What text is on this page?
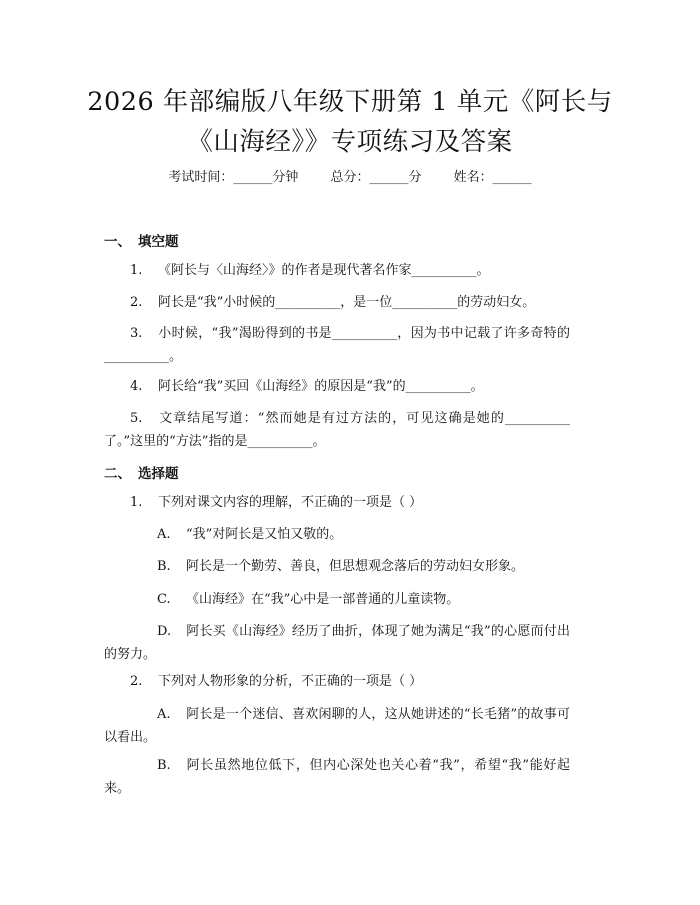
2026 年部编版八年级下册第 1 单元《阿长与
《山海经》》专项练习及答案
考试时间：______分钟 总分：______分 姓名：______
一、 填空题
1. 《阿长与〈山海经〉》的作者是现代著名作家__________。
2. 阿长是“我”小时候的__________，是一位__________的劳动妇女。
3. 小时候，“我”渴盼得到的书是__________，因为书中记载了许多奇特的__________。
4. 阿长给“我”买回《山海经》的原因是“我”的__________。
5. 文章结尾写道：“然而她是有过方法的，可见这确是她的__________了。”这里的“方法”指的是__________。
二、 选择题
1. 下列对课文内容的理解，不正确的一项是（ ）
A. “我”对阿长是又怕又敬的。
B. 阿长是一个勤劳、善良，但思想观念落后的劳动妇女形象。
C. 《山海经》在“我”心中是一部普通的儿童读物。
D. 阿长买《山海经》经历了曲折，体现了她为满足“我”的心愿而付出的努力。
2. 下列对人物形象的分析，不正确的一项是（ ）
A. 阿长是一个迷信、喜欢闲聊的人，这从她讲述的“长毛猪”的故事可以看出。
B. 阿长虽然地位低下，但内心深处也关心着“我”，希望“我”能好起来。
